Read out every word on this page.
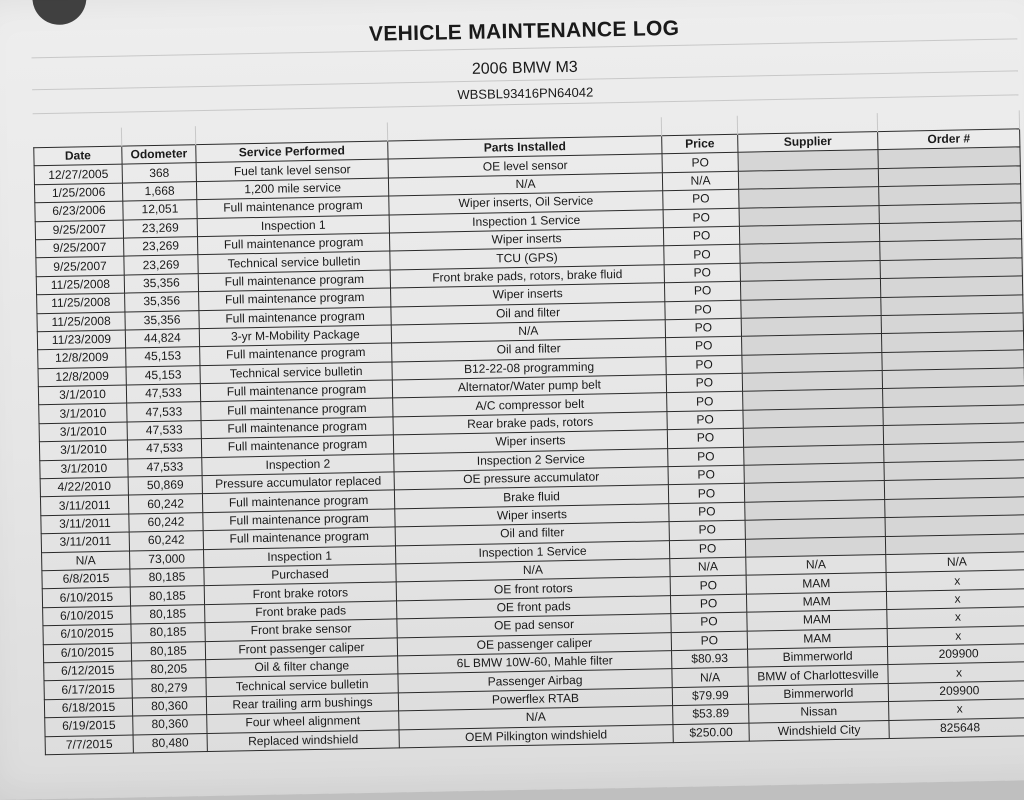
VEHICLE MAINTENANCE LOG
2006 BMW M3
WBSBL93416PN64042

Date	Odometer	Service Performed	Parts Installed	Price	Supplier	Order #
12/27/2005	368	Fuel tank level sensor	OE level sensor	PO		
1/25/2006	1,668	1,200 mile service	N/A	N/A		
6/23/2006	12,051	Full maintenance program	Wiper inserts, Oil Service	PO		
9/25/2007	23,269	Inspection 1	Inspection 1 Service	PO		
9/25/2007	23,269	Full maintenance program	Wiper inserts	PO		
9/25/2007	23,269	Technical service bulletin	TCU (GPS)	PO		
11/25/2008	35,356	Full maintenance program	Front brake pads, rotors, brake fluid	PO		
11/25/2008	35,356	Full maintenance program	Wiper inserts	PO		
11/25/2008	35,356	Full maintenance program	Oil and filter	PO		
11/23/2009	44,824	3-yr M-Mobility Package	N/A	PO		
12/8/2009	45,153	Full maintenance program	Oil and filter	PO		
12/8/2009	45,153	Technical service bulletin	B12-22-08 programming	PO		
3/1/2010	47,533	Full maintenance program	Alternator/Water pump belt	PO		
3/1/2010	47,533	Full maintenance program	A/C compressor belt	PO		
3/1/2010	47,533	Full maintenance program	Rear brake pads, rotors	PO		
3/1/2010	47,533	Full maintenance program	Wiper inserts	PO		
3/1/2010	47,533	Inspection 2	Inspection 2 Service	PO		
4/22/2010	50,869	Pressure accumulator replaced	OE pressure accumulator	PO		
3/11/2011	60,242	Full maintenance program	Brake fluid	PO		
3/11/2011	60,242	Full maintenance program	Wiper inserts	PO		
3/11/2011	60,242	Full maintenance program	Oil and filter	PO		
N/A	73,000	Inspection 1	Inspection 1 Service	PO		
6/8/2015	80,185	Purchased	N/A	N/A	N/A	N/A
6/10/2015	80,185	Front brake rotors	OE front rotors	PO	MAM	x
6/10/2015	80,185	Front brake pads	OE front pads	PO	MAM	x
6/10/2015	80,185	Front brake sensor	OE pad sensor	PO	MAM	x
6/10/2015	80,185	Front passenger caliper	OE passenger caliper	PO	MAM	x
6/12/2015	80,205	Oil & filter change	6L BMW 10W-60, Mahle filter	$80.93	Bimmerworld	209900
6/17/2015	80,279	Technical service bulletin	Passenger Airbag	N/A	BMW of Charlottesville	x
6/18/2015	80,360	Rear trailing arm bushings	Powerflex RTAB	$79.99	Bimmerworld	209900
6/19/2015	80,360	Four wheel alignment	N/A	$53.89	Nissan	x
7/7/2015	80,480	Replaced windshield	OEM Pilkington windshield	$250.00	Windshield City	825648
